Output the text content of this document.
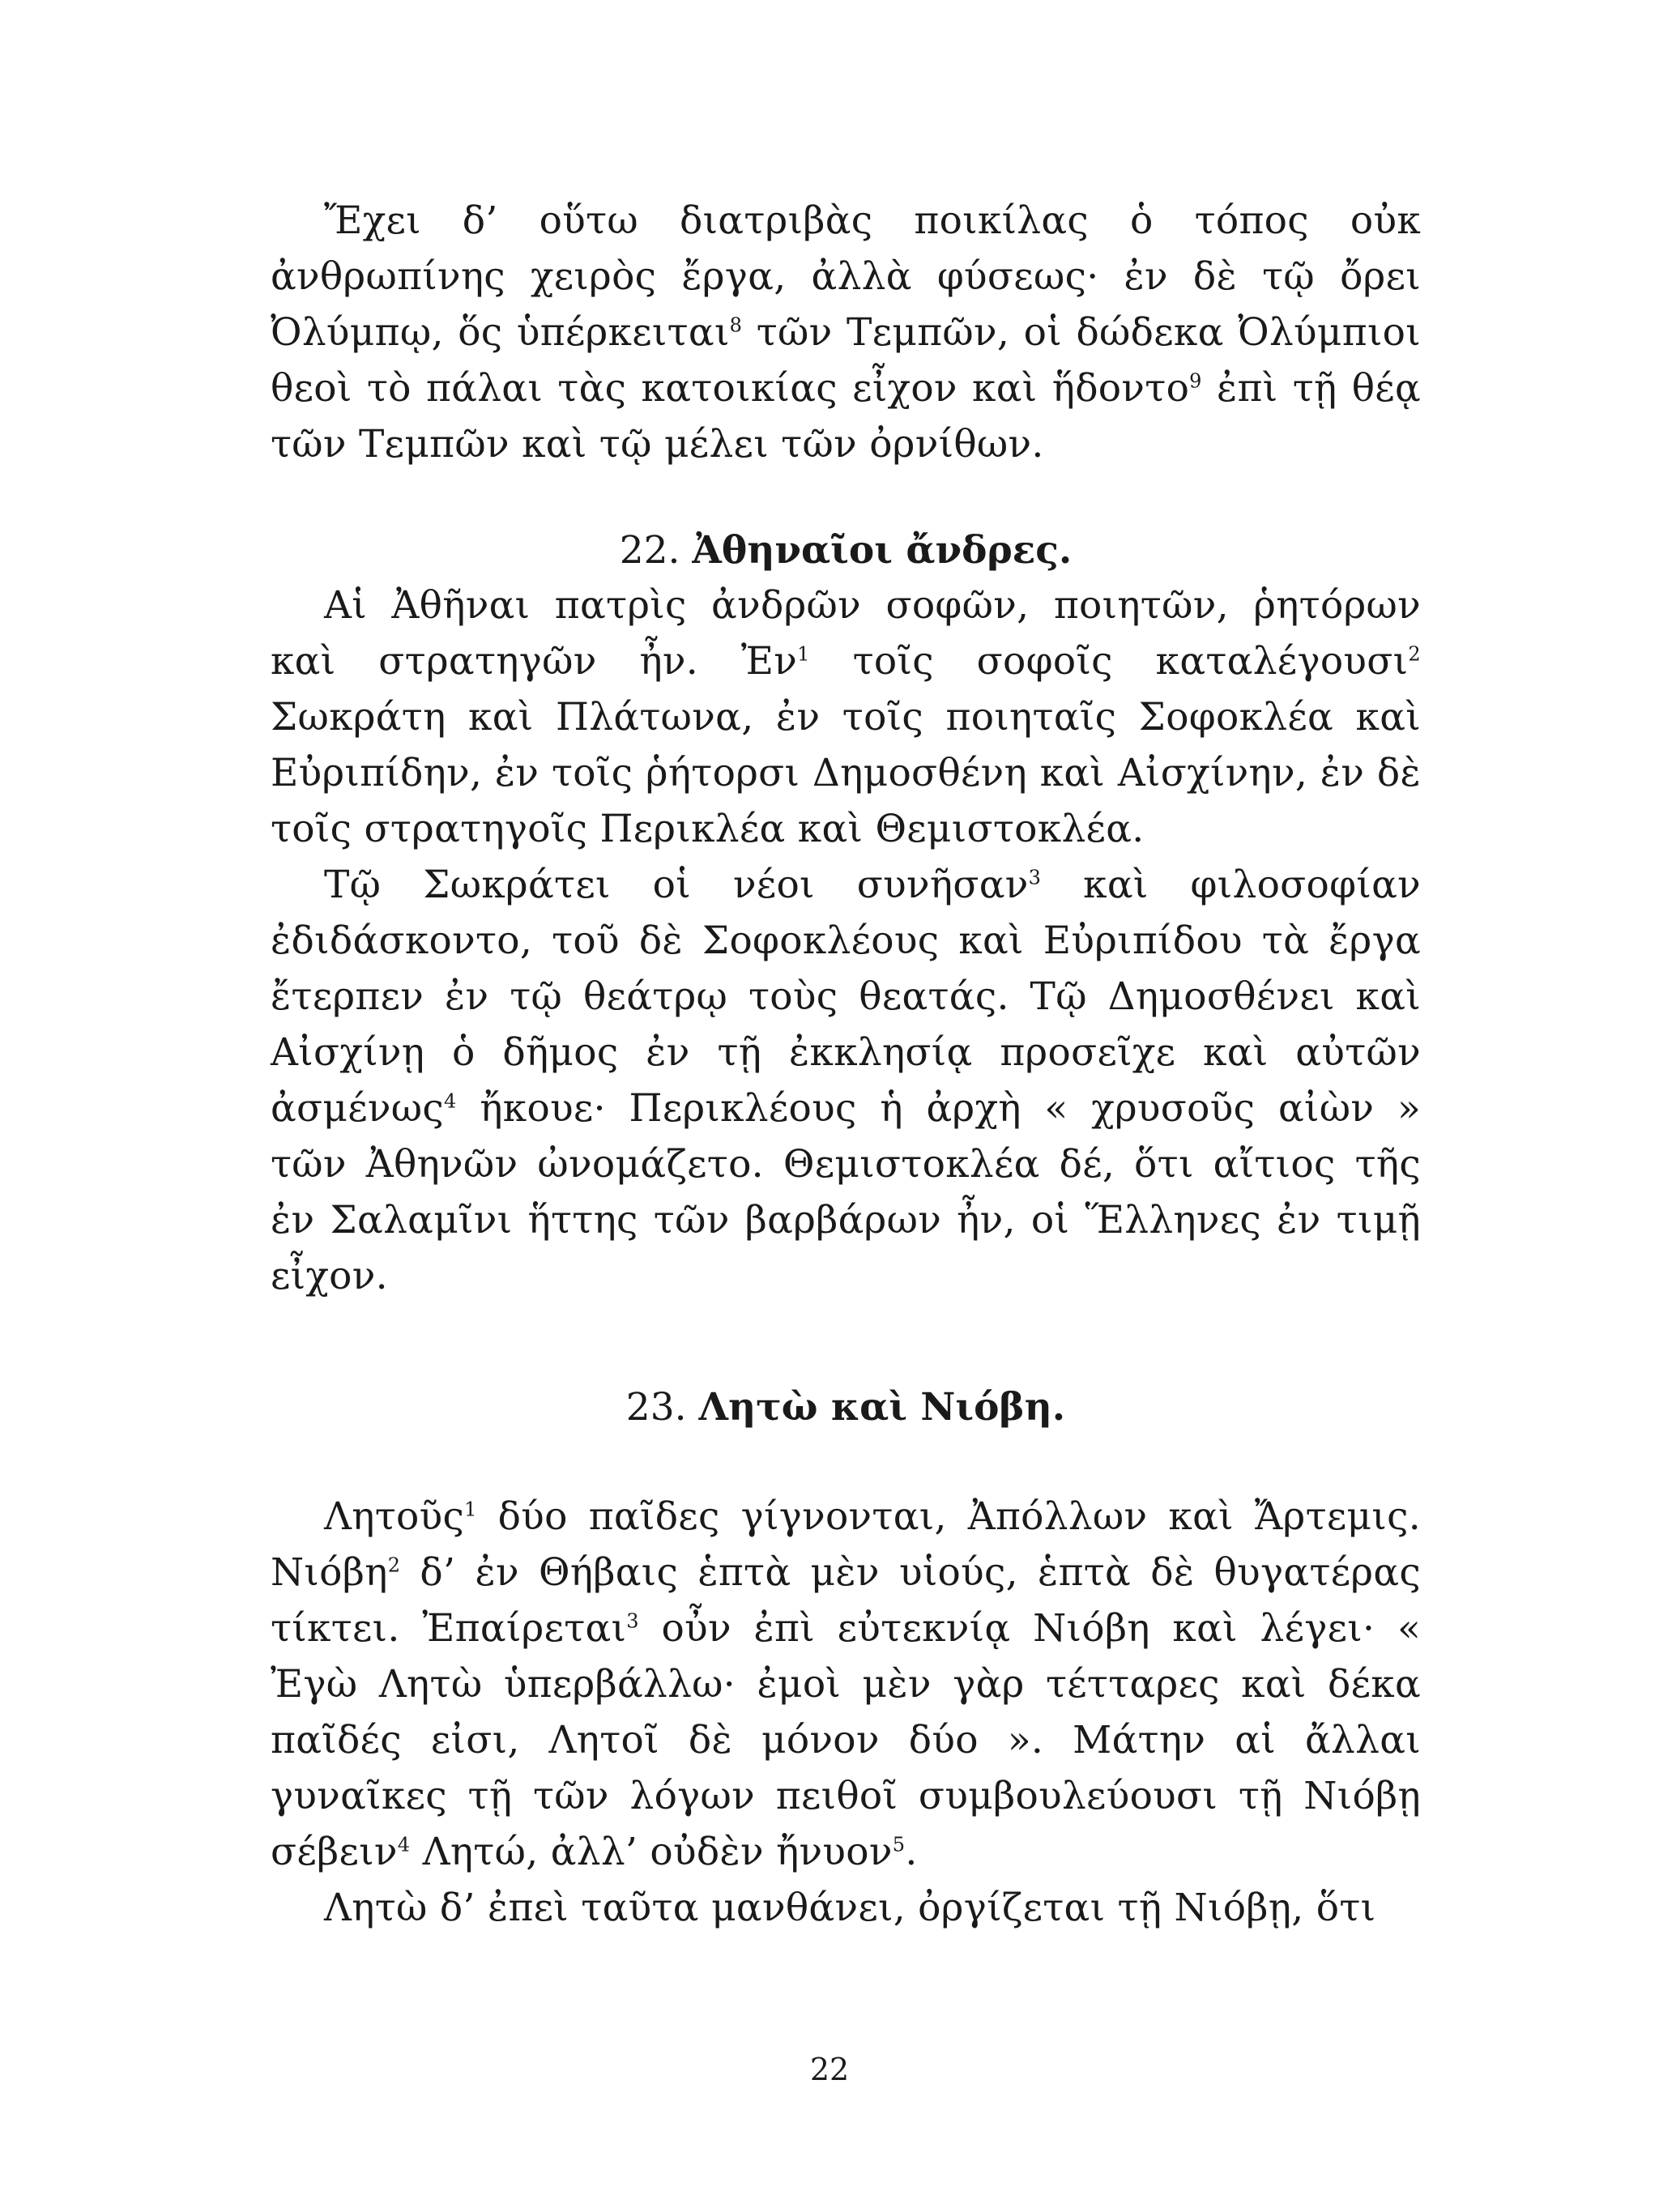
Ἔχει δ’ οὕτω διατριβὰς ποικίλας ὁ τόπος οὐκ ἀνθρωπίνης χειρὸς ἔργα, ἀλλὰ φύσεως· ἐν δὲ τῷ ὄρει Ὀλύμπῳ, ὅς ὑπέρκειται$^8$ τῶν Τεμπῶν, οἱ δώδεκα Ὀλύμπιοι θεοὶ τὸ πάλαι τὰς κατοικίας εἶχον καὶ ἥδοντο$^9$ ἐπὶ τῇ θέᾳ τῶν Τεμπῶν καὶ τῷ μέλει τῶν ὀρνίθων.

22. Ἀθηναῖοι ἄνδρες.

Αἱ Ἀθῆναι πατρὶς ἀνδρῶν σοφῶν, ποιητῶν, ῥητόρων καὶ στρατηγῶν ἦν. Ἐν$^1$ τοῖς σοφοῖς καταλέγουσι$^2$ Σωκράτη καὶ Πλάτωνα, ἐν τοῖς ποιηταῖς Σοφοκλέα καὶ Εὐριπίδην, ἐν τοῖς ῥήτορσι Δημοσθένη καὶ Αἰσχίνην, ἐν δὲ τοῖς στρατηγοῖς Περικλέα καὶ Θεμιστοκλέα.

Τῷ Σωκράτει οἱ νέοι συνῆσαν$^3$ καὶ φιλοσοφίαν ἐδιδάσκοντο, τοῦ δὲ Σοφοκλέους καὶ Εὐριπίδου τὰ ἔργα ἔτερπεν ἐν τῷ θεάτρῳ τοὺς θεατάς. Τῷ Δημοσθένει καὶ Αἰσχίνῃ ὁ δῆμος ἐν τῇ ἐκκλησίᾳ προσεῖχε καὶ αὐτῶν ἀσμένως$^4$ ἤκουε· Περικλέους ἡ ἀρχὴ « χρυσοῦς αἰὼν » τῶν Ἀθηνῶν ὠνομάζετο. Θεμιστοκλέα δέ, ὅτι αἴτιος τῆς ἐν Σαλαμῖνι ἥττης τῶν βαρβάρων ἦν, οἱ Ἕλληνες ἐν τιμῇ εἶχον.

23. Λητὼ καὶ Νιόβη.

Λητοῦς$^1$ δύο παῖδες γίγνονται, Ἀπόλλων καὶ Ἄρτεμις. Νιόβη$^2$ δ’ ἐν Θήβαις ἑπτὰ μὲν υἱούς, ἑπτὰ δὲ θυγατέρας τίκτει. Ἐπαίρεται$^3$ οὖν ἐπὶ εὐτεκνίᾳ Νιόβη καὶ λέγει· « Ἐγὼ Λητὼ ὑπερβάλλω· ἐμοὶ μὲν γὰρ τέτταρες καὶ δέκα παῖδές εἰσι, Λητοῖ δὲ μόνον δύο ». Μάτην αἱ ἄλλαι γυναῖκες τῇ τῶν λόγων πειθοῖ συμβουλεύουσι τῇ Νιόβῃ σέβειν$^4$ Λητώ, ἀλλ’ οὐδὲν ἤνυον$^5$.

Λητὼ δ’ ἐπεὶ ταῦτα μανθάνει, ὀργίζεται τῇ Νιόβῃ, ὅτι

22
